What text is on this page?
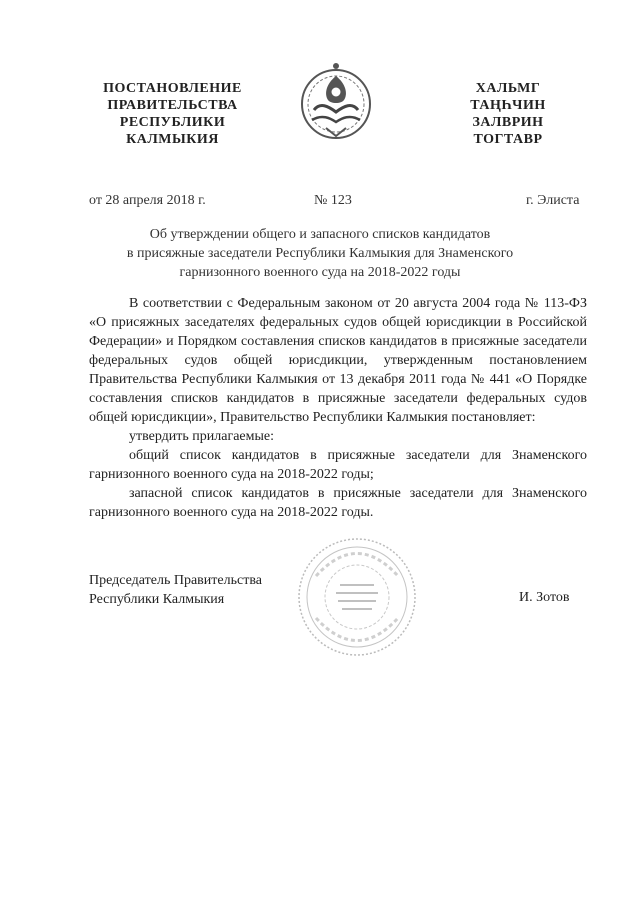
ПОСТАНОВЛЕНИЕ
ПРАВИТЕЛЬСТВА
РЕСПУБЛИКИ
КАЛМЫКИЯ
ХАЛЬМГ
ТАҢҺЧИН
ЗАЛВРИН
ТОГТАВР
от 28 апреля 2018 г.	№ 123	г. Элиста
Об утверждении общего и запасного списков кандидатов
в присяжные заседатели Республики Калмыкия для Знаменского
гарнизонного военного суда на 2018-2022 годы

В соответствии с Федеральным законом от 20 августа 2004 года № 113-ФЗ «О присяжных заседателях федеральных судов общей юрисдикции в Российской Федерации» и Порядком составления списков кандидатов в присяжные заседатели федеральных судов общей юрисдикции, утвержденным постановлением Правительства Республики Калмыкия от 13 декабря 2011 года № 441 «О Порядке составления списков кандидатов в присяжные заседатели федеральных судов общей юрисдикции», Правительство Республики Калмыкия постановляет:

утвердить прилагаемые:

общий список кандидатов в присяжные заседатели для Знаменского гарнизонного военного суда на 2018-2022 годы;

запасной список кандидатов в присяжные заседатели для Знаменского гарнизонного военного суда на 2018-2022 годы.

Председатель Правительства
Республики Калмыкия	И. Зотов
